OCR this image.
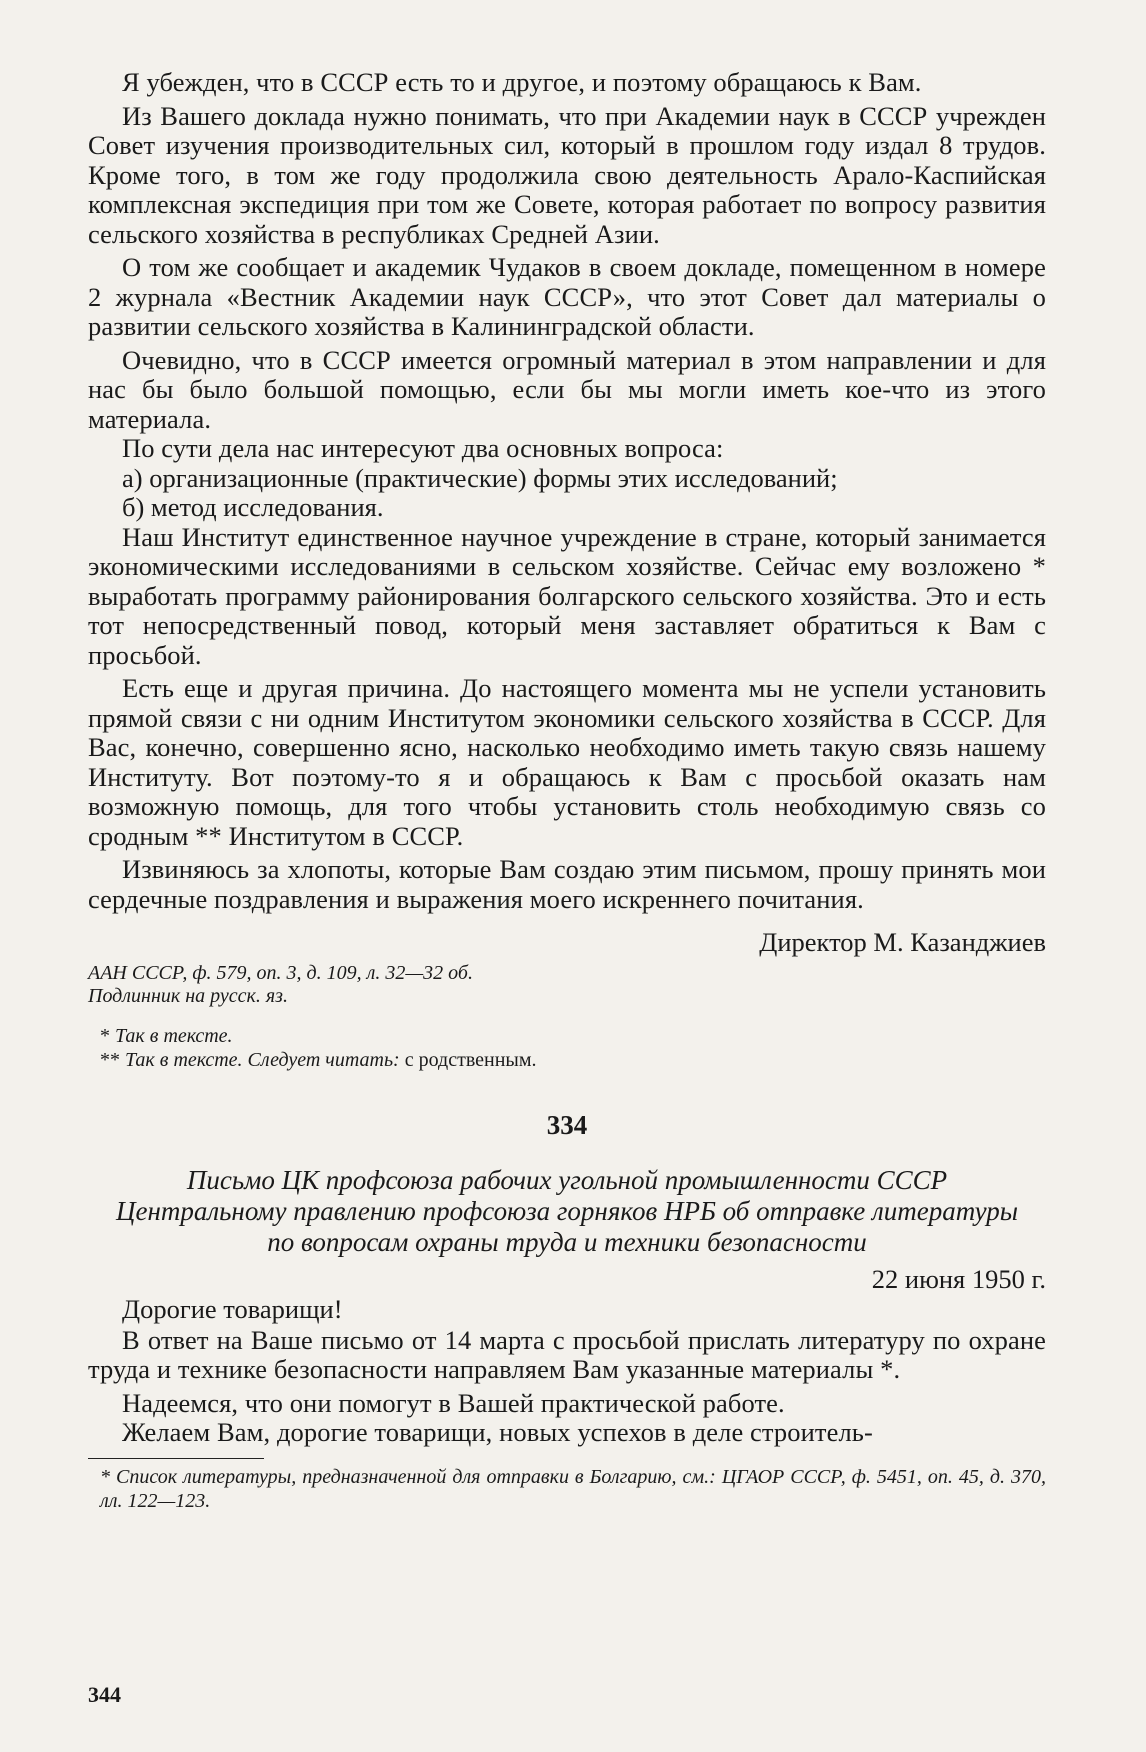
Я убежден, что в СССР есть то и другое, и поэтому обращаюсь к Вам.

Из Вашего доклада нужно понимать, что при Академии наук в СССР учрежден Совет изучения производительных сил, который в прошлом году издал 8 трудов. Кроме того, в том же году продолжила свою деятельность Арало-Каспийская комплексная экспедиция при том же Совете, которая работает по вопросу развития сельского хозяйства в республиках Средней Азии.

О том же сообщает и академик Чудаков в своем докладе, помещенном в номере 2 журнала «Вестник Академии наук СССР», что этот Совет дал материалы о развитии сельского хозяйства в Калининградской области.

Очевидно, что в СССР имеется огромный материал в этом направлении и для нас бы было большой помощью, если бы мы могли иметь кое-что из этого материала.

По сути дела нас интересуют два основных вопроса:

а) организационные (практические) формы этих исследований;

б) метод исследования.

Наш Институт единственное научное учреждение в стране, который занимается экономическими исследованиями в сельском хозяйстве. Сейчас ему возложено * выработать программу районирования болгарского сельского хозяйства. Это и есть тот непосредственный повод, который меня заставляет обратиться к Вам с просьбой.

Есть еще и другая причина. До настоящего момента мы не успели установить прямой связи с ни одним Институтом экономики сельского хозяйства в СССР. Для Вас, конечно, совершенно ясно, насколько необходимо иметь такую связь нашему Институту. Вот поэтому-то я и обращаюсь к Вам с просьбой оказать нам возможную помощь, для того чтобы установить столь необходимую связь со сродным ** Институтом в СССР.

Извиняюсь за хлопоты, которые Вам создаю этим письмом, прошу принять мои сердечные поздравления и выражения моего искреннего почитания.

Директор М. Казанджиев

ААН СССР, ф. 579, оп. 3, д. 109, л. 32—32 об.

Подлинник на русск. яз.

* Так в тексте.

** Так в тексте. Следует читать: с родственным.

334

Письмо ЦК профсоюза рабочих угольной промышленности СССР Центральному правлению профсоюза горняков НРБ об отправке литературы по вопросам охраны труда и техники безопасности

22 июня 1950 г.

Дорогие товарищи!

В ответ на Ваше письмо от 14 марта с просьбой прислать литературу по охране труда и технике безопасности направляем Вам указанные материалы *.

Надеемся, что они помогут в Вашей практической работе.

Желаем Вам, дорогие товарищи, новых успехов в деле строитель-

* Список литературы, предназначенной для отправки в Болгарию, см.: ЦГАОР СССР, ф. 5451, оп. 45, д. 370, лл. 122—123.

344
